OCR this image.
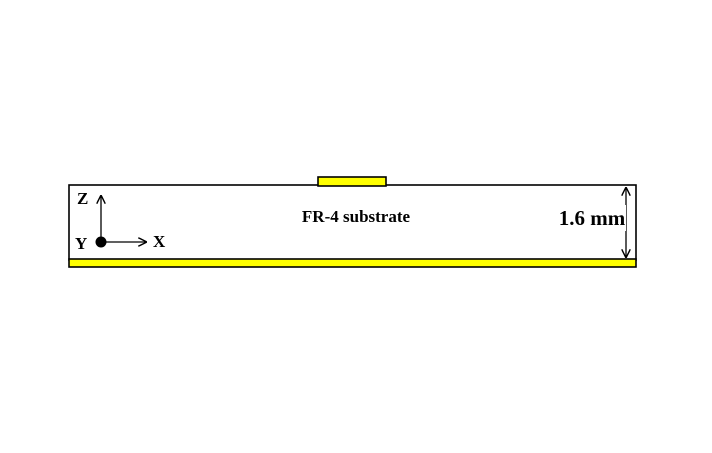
FR-4 substrate	1.6 mm
Z
Y	X
